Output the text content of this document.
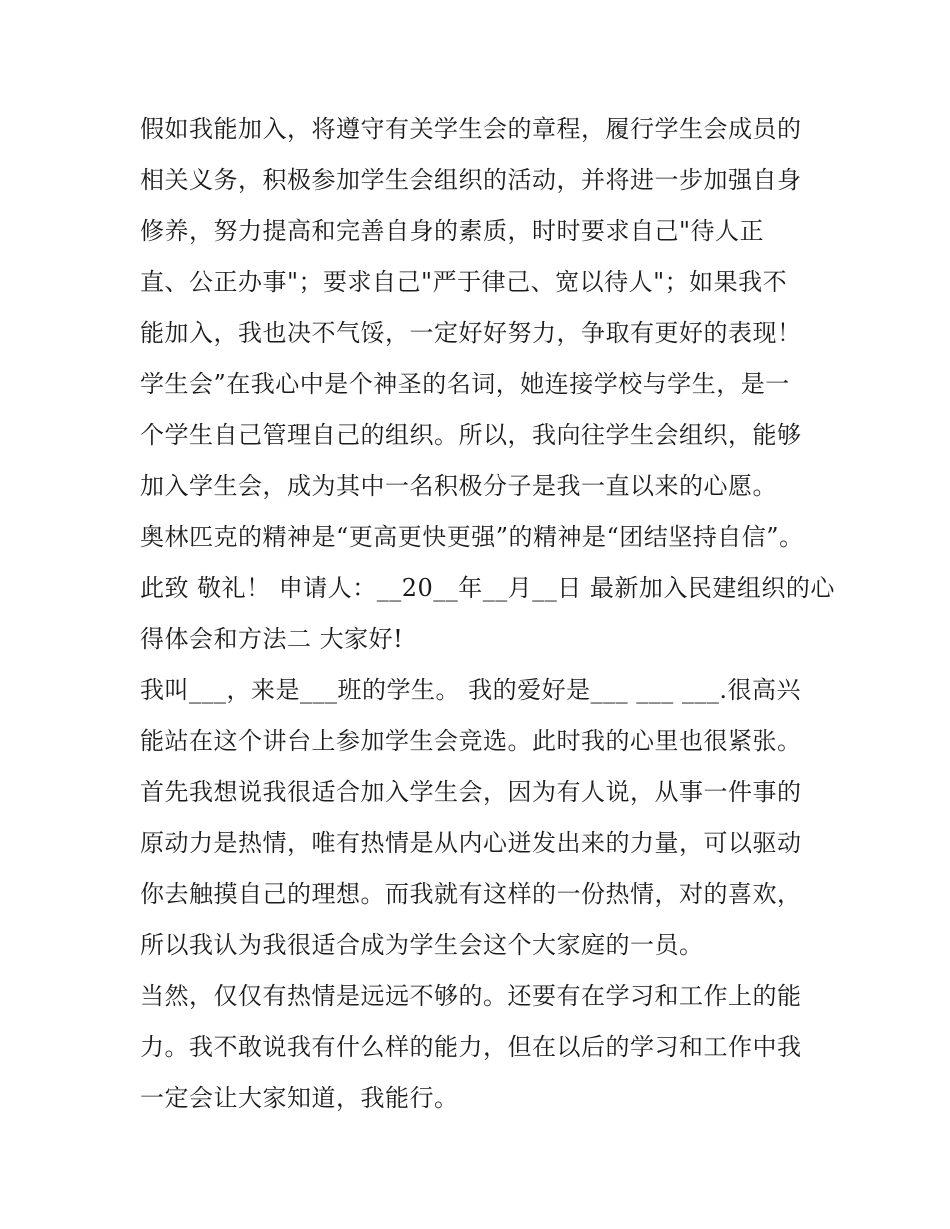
假如我能加入，将遵守有关学生会的章程，履行学生会成员的
相关义务，积极参加学生会组织的活动，并将进一步加强自身
修养，努力提高和完善自身的素质，时时要求自己"待人正
直、公正办事"；要求自己"严于律己、宽以待人"；如果我不
能加入，我也决不气馁，一定好好努力，争取有更好的表现！
学生会”在我心中是个神圣的名词，她连接学校与学生，是一
个学生自己管理自己的组织。所以，我向往学生会组织，能够
加入学生会，成为其中一名积极分子是我一直以来的心愿。
奥林匹克的精神是“更高更快更强”的精神是“团结坚持自信”。
此致 敬礼！ 申请人：__20__年__月__日 最新加入民建组织的心
得体会和方法二 大家好!
我叫___，来是___班的学生。 我的爱好是___ ___ ___.很高兴
能站在这个讲台上参加学生会竞选。此时我的心里也很紧张。
首先我想说我很适合加入学生会，因为有人说，从事一件事的
原动力是热情，唯有热情是从内心迸发出来的力量，可以驱动
你去触摸自己的理想。而我就有这样的一份热情，对的喜欢，
所以我认为我很适合成为学生会这个大家庭的一员。
当然，仅仅有热情是远远不够的。还要有在学习和工作上的能
力。我不敢说我有什么样的能力，但在以后的学习和工作中我
一定会让大家知道，我能行。
